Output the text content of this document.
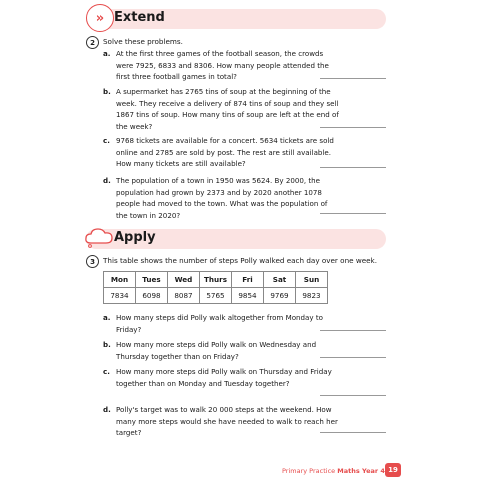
Extend
»
2	Solve these problems.
a. At the first three games of the football season, the crowds were 7925, 6833 and 8306. How many people attended the first three football games in total?
b. A supermarket has 2765 tins of soup at the beginning of the week. They receive a delivery of 874 tins of soup and they sell 1867 tins of soup. How many tins of soup are left at the end of the week?
c. 9768 tickets are available for a concert. 5634 tickets are sold online and 2785 are sold by post. The rest are still available. How many tickets are still available?
d. The population of a town in 1950 was 5624. By 2000, the population had grown by 2373 and by 2020 another 1078 people had moved to the town. What was the population of the town in 2020?
Apply
3	This table shows the number of steps Polly walked each day over one week.
Mon	Tues	Wed	Thurs	Fri	Sat	Sun
7834	6098	8087	5765	9854	9769	9823
a. How many steps did Polly walk altogether from Monday to Friday?
b. How many more steps did Polly walk on Wednesday and Thursday together than on Friday?
c. How many more steps did Polly walk on Thursday and Friday together than on Monday and Tuesday together?
d. Polly's target was to walk 20 000 steps at the weekend. How many more steps would she have needed to walk to reach her target?
Primary Practice Maths Year 4 19
